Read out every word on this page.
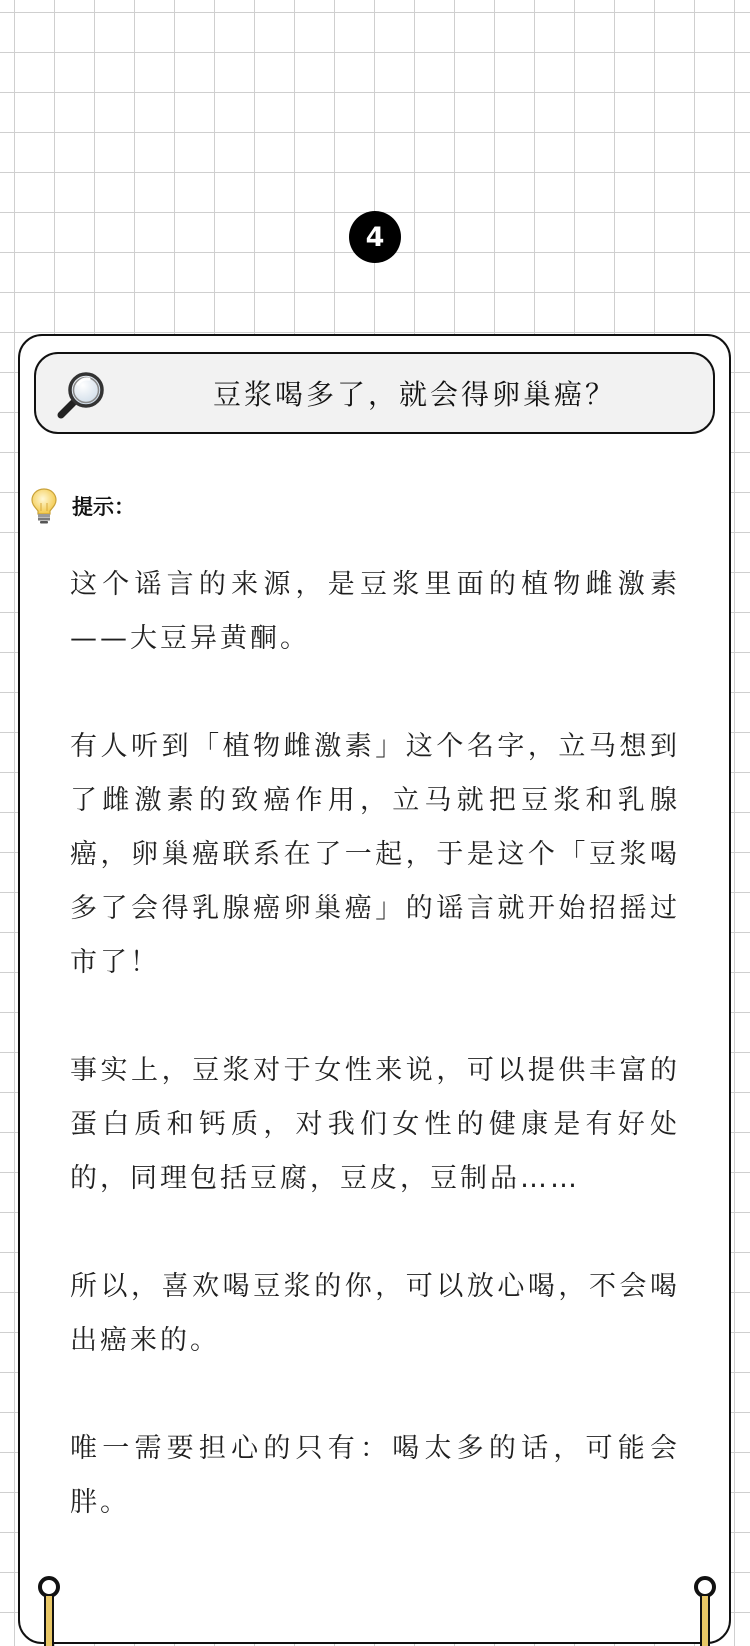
4
豆浆喝多了，就会得卵巢癌？
提示：

这个谣言的来源，是豆浆里面的植物雌激素——大豆异黄酮。

有人听到「植物雌激素」这个名字，立马想到了雌激素的致癌作用，立马就把豆浆和乳腺癌，卵巢癌联系在了一起，于是这个「豆浆喝多了会得乳腺癌卵巢癌」的谣言就开始招摇过市了！

事实上，豆浆对于女性来说，可以提供丰富的蛋白质和钙质，对我们女性的健康是有好处的，同理包括豆腐，豆皮，豆制品……

所以，喜欢喝豆浆的你，可以放心喝，不会喝出癌来的。

唯一需要担心的只有：喝太多的话，可能会胖。
